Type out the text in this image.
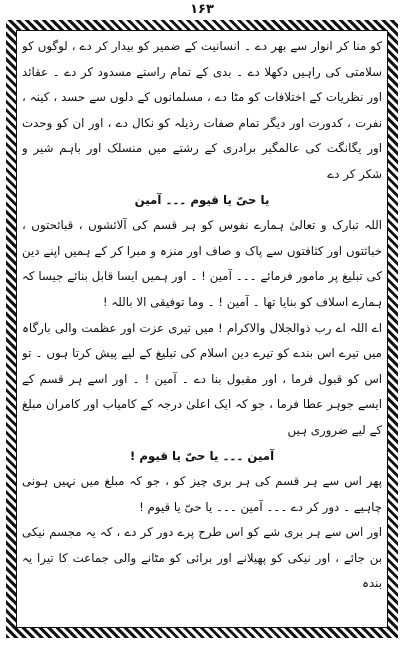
۱۶۳

کو منا کر انوار سے بھر دے ۔ انسانیت کے ضمیر کو بیدار کر دے ، لوگوں کو سلامتی کی راہیں دکھلا دے ۔ بدی کے تمام راستے مسدود کر دے ۔ عقائد اور نظریات کے اختلافات کو مٹا دے ، مسلمانوں کے دلوں سے حسد ، کینہ ، نفرت ، کدورت اور دیگر تمام صفات رذیلہ کو نکال دے ، اور ان کو وحدت اور یگانگت کی عالمگیر برادری کے رشتے میں منسلک اور باہم شیر و شکر کر دے

یا حیّ یا قیوم ۔۔۔ آمین

اللہ تبارک و تعالیٰ ہمارے نفوس کو ہر قسم کی آلائشوں ، قبائحتوں ، خباثتوں اور کثافتوں سے پاک و صاف اور منزہ و مبرا کر کے ہمیں اپنے دین کی تبلیغ پر مامور فرمائے ۔۔۔ آمین ! ۔ اور ہمیں ایسا قابل بنائے جیسا کہ ہمارے اسلاف کو بنایا تھا ۔ آمین ! ۔ وما توفیقی الا باللہ !

اے اللہ اے رب ذوالجلال والاکرام ! میں تیری عزت اور عظمت والی بارگاہ میں تیرے اس بندے کو تیرے دین اسلام کی تبلیغ کے لیے پیش کرتا ہوں ۔ تو اس کو قبول فرما ، اور مقبول بنا دے ۔ آمین ! ۔ اور اسے ہر قسم کے ایسے جوہر عطا فرما ، جو کہ ایک اعلیٰ درجہ کے کامیاب اور کامران مبلغ کے لیے ضروری ہیں

آمین ۔۔۔ یا حیّ یا قیوم !

پھر اس سے ہر قسم کی ہر بری چیز کو ، جو کہ مبلغ میں نہیں ہونی چاہیے ۔ دور کر دے ۔۔۔ آمین ۔۔۔ یا حیّ یا قیوم !

اور اس سے ہر بری شے کو اس طرح پرے دور کر دے ، کہ یہ مجسم نیکی بن جائے ، اور نیکی کو پھیلانے اور برائی کو مٹانے والی جماعت کا تیرا یہ بندہ
